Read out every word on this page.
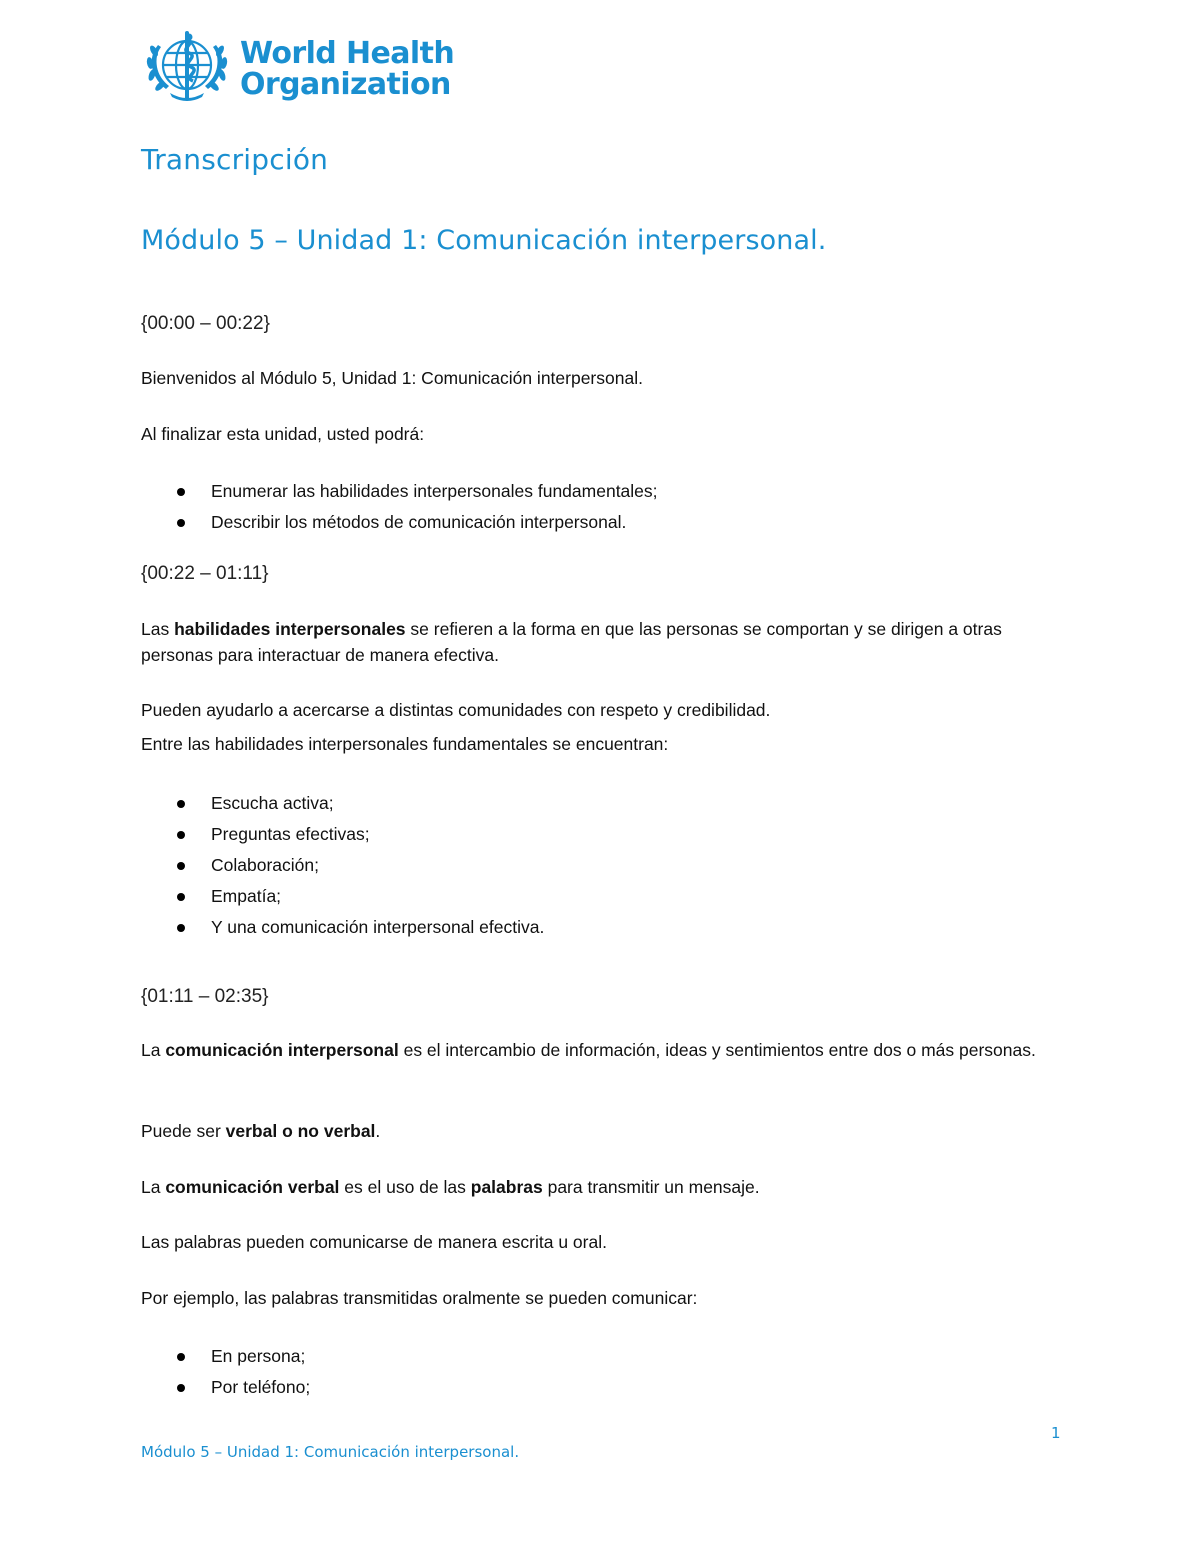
World Health
Organization
Transcripción
Módulo 5 – Unidad 1: Comunicación interpersonal.
{00:00 – 00:22}

Bienvenidos al Módulo 5, Unidad 1: Comunicación interpersonal.

Al finalizar esta unidad, usted podrá:

Enumerar las habilidades interpersonales fundamentales;
Describir los métodos de comunicación interpersonal.
{00:22 – 01:11}

Las habilidades interpersonales se refieren a la forma en que las personas se comportan y se dirigen a otras personas para interactuar de manera efectiva.

Pueden ayudarlo a acercarse a distintas comunidades con respeto y credibilidad.

Entre las habilidades interpersonales fundamentales se encuentran:

Escucha activa;
Preguntas efectivas;
Colaboración;
Empatía;
Y una comunicación interpersonal efectiva.
{01:11 – 02:35}

La comunicación interpersonal es el intercambio de información, ideas y sentimientos entre dos o más personas.

Puede ser verbal o no verbal.

La comunicación verbal es el uso de las palabras para transmitir un mensaje.

Las palabras pueden comunicarse de manera escrita u oral.

Por ejemplo, las palabras transmitidas oralmente se pueden comunicar:

En persona;
Por teléfono;
1
Módulo 5 – Unidad 1: Comunicación interpersonal.
